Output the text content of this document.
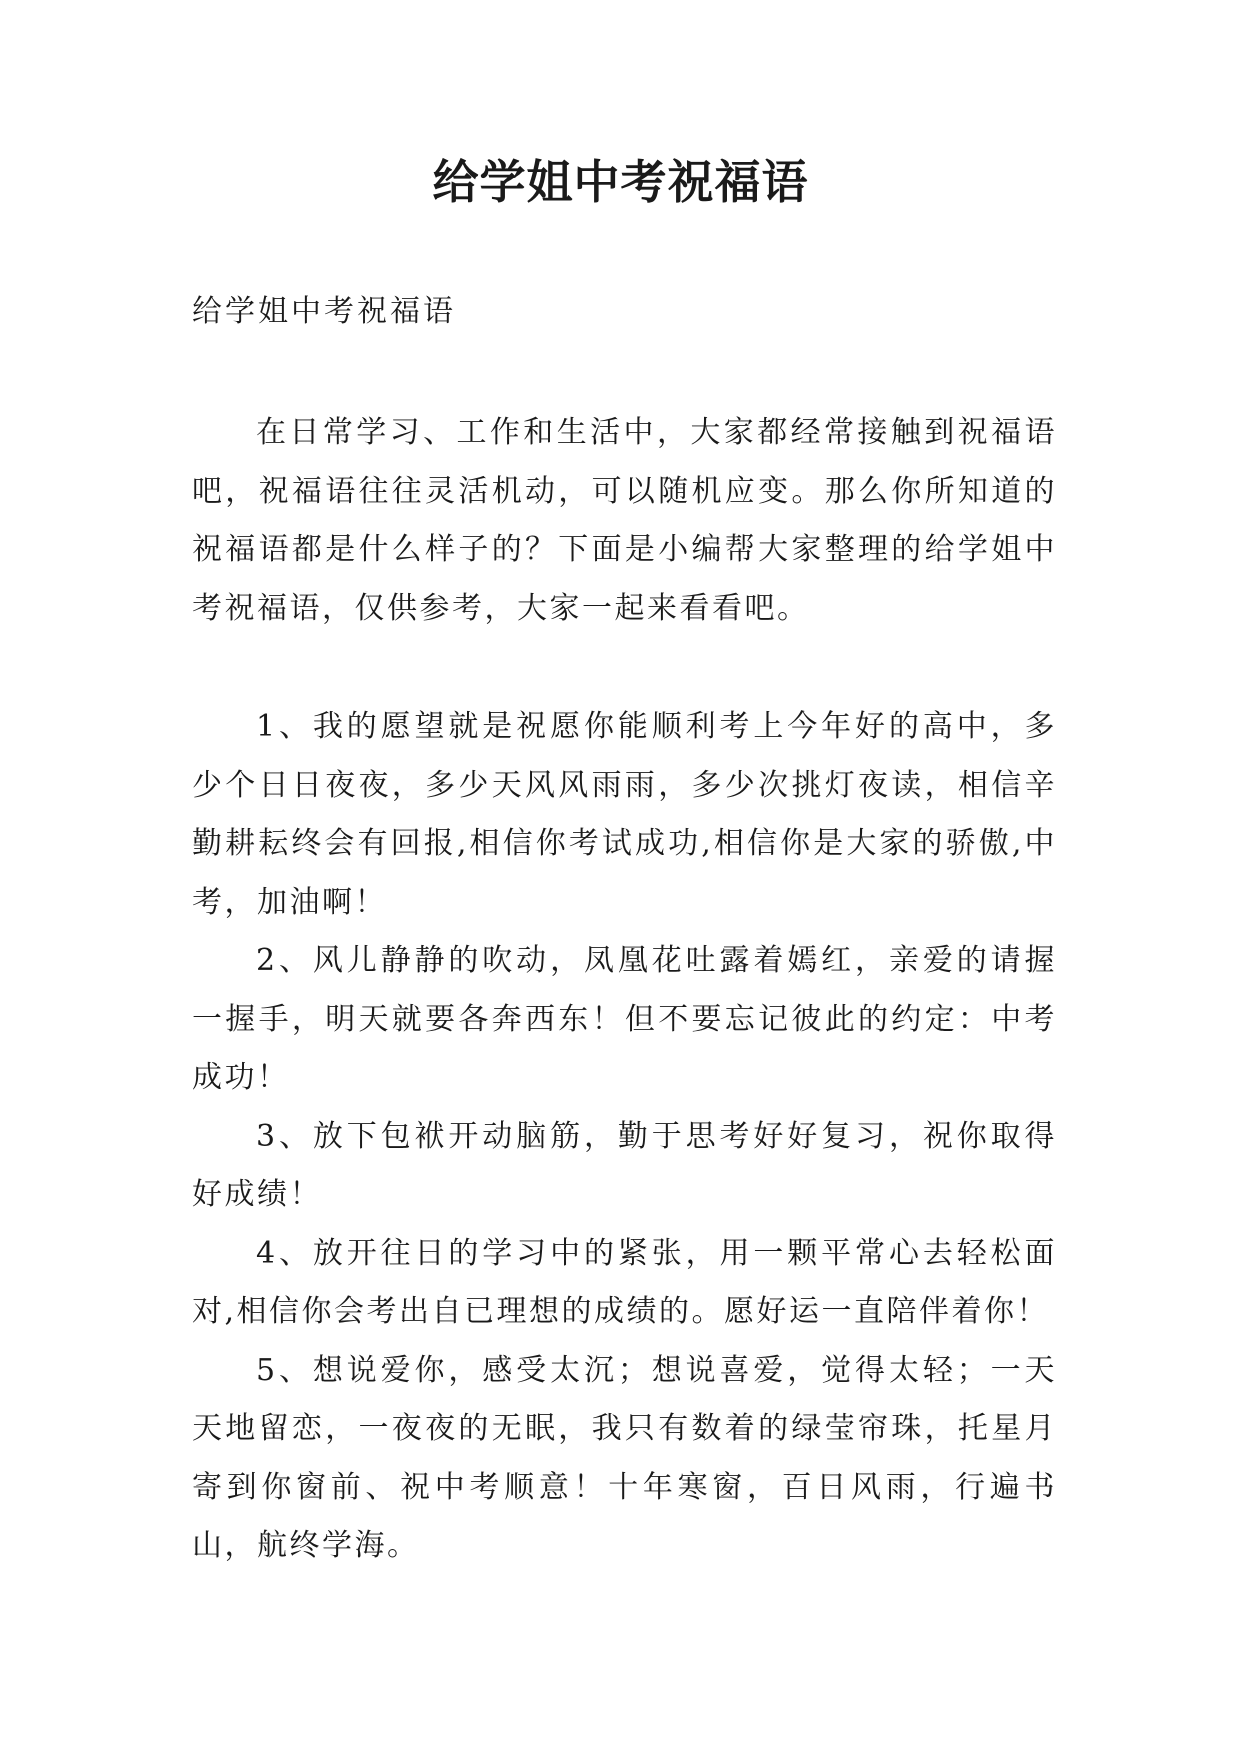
给学姐中考祝福语

给学姐中考祝福语

在日常学习、工作和生活中，大家都经常接触到祝福语吧，祝福语往往灵活机动，可以随机应变。那么你所知道的祝福语都是什么样子的？下面是小编帮大家整理的给学姐中考祝福语，仅供参考，大家一起来看看吧。

1、我的愿望就是祝愿你能顺利考上今年好的高中，多少个日日夜夜，多少天风风雨雨，多少次挑灯夜读，相信辛勤耕耘终会有回报,相信你考试成功,相信你是大家的骄傲,中考，加油啊！

2、风儿静静的吹动，凤凰花吐露着嫣红，亲爱的请握一握手，明天就要各奔西东！但不要忘记彼此的约定：中考成功！

3、放下包袱开动脑筋，勤于思考好好复习，祝你取得好成绩！

4、放开往日的学习中的紧张，用一颗平常心去轻松面对,相信你会考出自已理想的成绩的。愿好运一直陪伴着你！

5、想说爱你，感受太沉；想说喜爱，觉得太轻；一天天地留恋，一夜夜的无眠，我只有数着的绿莹帘珠，托星月寄到你窗前、祝中考顺意！十年寒窗，百日风雨，行遍书山，航终学海。
